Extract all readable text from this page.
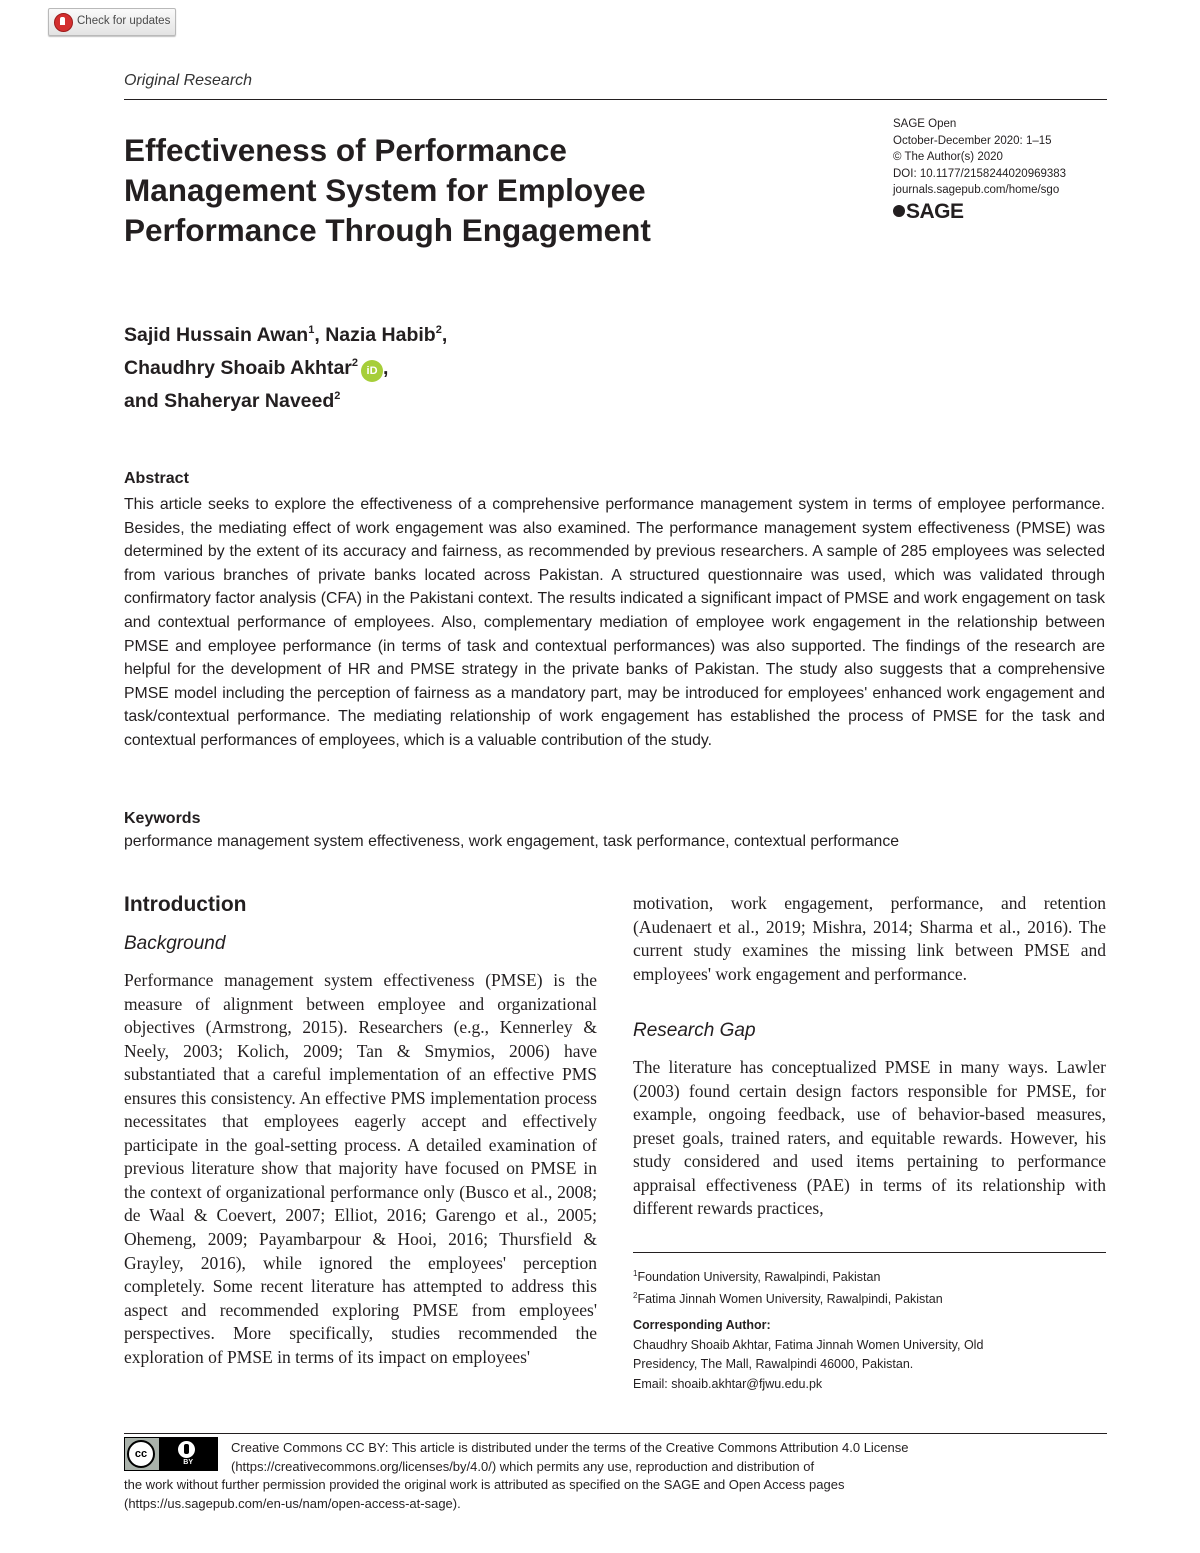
Check for updates
Original Research
Effectiveness of Performance
Management System for Employee
Performance Through Engagement
SAGE Open
October-December 2020: 1–15
© The Author(s) 2020
DOI: 10.1177/2158244020969383
journals.sagepub.com/home/sgo
SAGE
Sajid Hussain Awan$^1$, Nazia Habib$^2$,
Chaudhry Shoaib Akhtar$^2$iD ,
and Shaheryar Naveed$^2$
Abstract

This article seeks to explore the effectiveness of a comprehensive performance management system in terms of employee performance. Besides, the mediating effect of work engagement was also examined. The performance management system effectiveness (PMSE) was determined by the extent of its accuracy and fairness, as recommended by previous researchers. A sample of 285 employees was selected from various branches of private banks located across Pakistan. A structured questionnaire was used, which was validated through confirmatory factor analysis (CFA) in the Pakistani context. The results indicated a significant impact of PMSE and work engagement on task and contextual performance of employees. Also, complementary mediation of employee work engagement in the relationship between PMSE and employee performance (in terms of task and contextual performances) was also supported. The findings of the research are helpful for the development of HR and PMSE strategy in the private banks of Pakistan. The study also suggests that a comprehensive PMSE model including the perception of fairness as a mandatory part, may be introduced for employees' enhanced work engagement and task/contextual performance. The mediating relationship of work engagement has established the process of PMSE for the task and contextual performances of employees, which is a valuable contribution of the study.

Keywords
performance management system effectiveness, work engagement, task performance, contextual performance
Introduction
Background

Performance management system effectiveness (PMSE) is the measure of alignment between employee and organizational objectives (Armstrong, 2015). Researchers (e.g., Kennerley & Neely, 2003; Kolich, 2009; Tan & Smymios, 2006) have substantiated that a careful implementation of an effective PMS ensures this consistency. An effective PMS implementation process necessitates that employees eagerly accept and effectively participate in the goal-setting process. A detailed examination of previous literature show that majority have focused on PMSE in the context of organizational performance only (Busco et al., 2008; de Waal & Coevert, 2007; Elliot, 2016; Garengo et al., 2005; Ohemeng, 2009; Payambarpour & Hooi, 2016; Thursfield & Grayley, 2016), while ignored the employees' perception completely. Some recent literature has attempted to address this aspect and recommended exploring PMSE from employees' perspectives. More specifically, studies recommended the exploration of PMSE in terms of its impact on employees'

motivation, work engagement, performance, and retention (Audenaert et al., 2019; Mishra, 2014; Sharma et al., 2016). The current study examines the missing link between PMSE and employees' work engagement and performance.

Research Gap

The literature has conceptualized PMSE in many ways. Lawler (2003) found certain design factors responsible for PMSE, for example, ongoing feedback, use of behavior-based measures, preset goals, trained raters, and equitable rewards. However, his study considered and used items pertaining to performance appraisal effectiveness (PAE) in terms of its relationship with different rewards practices,

$^1$Foundation University, Rawalpindi, Pakistan
$^2$Fatima Jinnah Women University, Rawalpindi, Pakistan
Corresponding Author:
Chaudhry Shoaib Akhtar, Fatima Jinnah Women University, Old
Presidency, The Mall, Rawalpindi 46000, Pakistan.
Email: shoaib.akhtar@fjwu.edu.pk
cc
BY
Creative Commons CC BY: This article is distributed under the terms of the Creative Commons Attribution 4.0 License
(https://creativecommons.org/licenses/by/4.0/) which permits any use, reproduction and distribution of
the work without further permission provided the original work is attributed as specified on the SAGE and Open Access pages
(https://us.sagepub.com/en-us/nam/open-access-at-sage).
